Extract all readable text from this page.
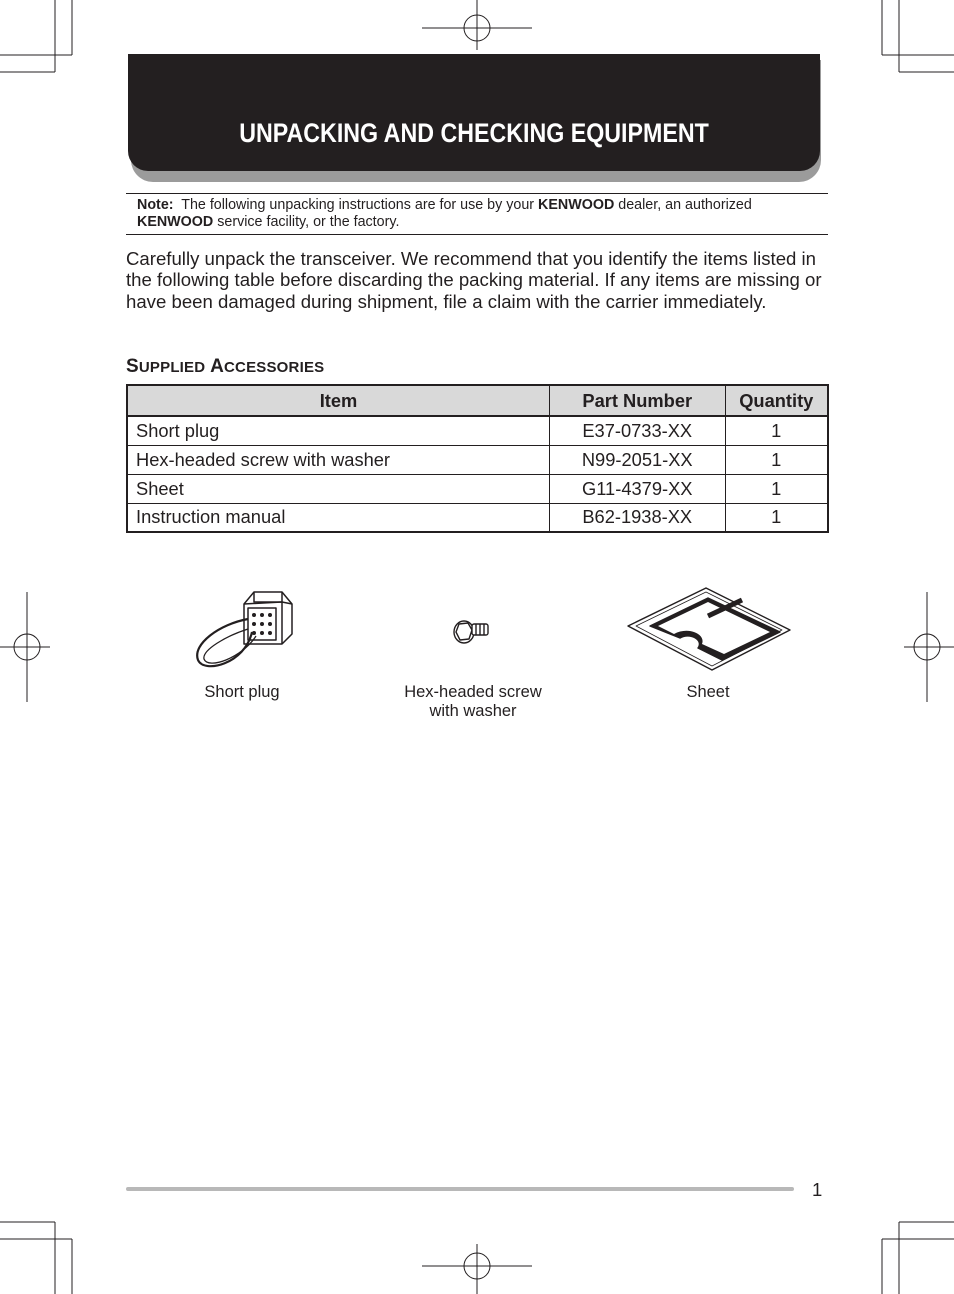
UNPACKING AND CHECKING EQUIPMENT
Note: The following unpacking instructions are for use by your KENWOOD dealer, an authorized
KENWOOD service facility, or the factory.
Carefully unpack the transceiver. We recommend that you identify the items listed in the following table before discarding the packing material. If any items are missing or have been damaged during shipment, file a claim with the carrier immediately.
SUPPLIED ACCESSORIES
Item	Part Number	Quantity
Short plug	E37-0733-XX	1
Hex-headed screw with washer	N99-2051-XX	1
Sheet	G11-4379-XX	1
Instruction manual	B62-1938-XX	1
Short plug	Hex-headed screw
with washer
Sheet
1
